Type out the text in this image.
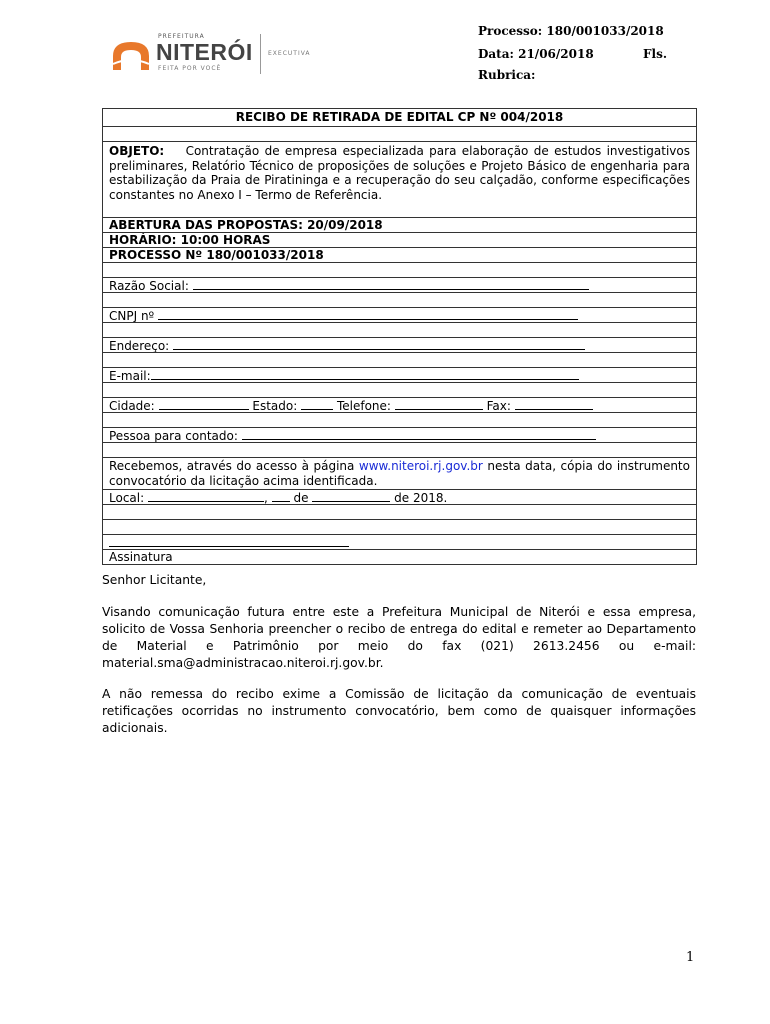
PREFEITURA
NITERÓI
FEITA POR VOCÊ
EXECUTIVA
Processo: 180/001033/2018
Data: 21/06/2018	Fls.
Rubrica:
RECIBO DE RETIRADA DE EDITAL CP Nº 004/2018
OBJETO: Contratação de empresa especializada para elaboração de estudos investigativos preliminares, Relatório Técnico de proposições de soluções e Projeto Básico de engenharia para estabilização da Praia de Piratininga e a recuperação do seu calçadão, conforme especificações constantes no Anexo I – Termo de Referência.
ABERTURA DAS PROPOSTAS: 20/09/2018
HORÁRIO: 10:00 HORAS
PROCESSO Nº 180/001033/2018
Razão Social:
CNPJ nº
Endereço:
E-mail:
Cidade:	Estado:	Telefone:	Fax:
Pessoa para contado:
Recebemos, através do acesso à página www.niteroi.rj.gov.br nesta data, cópia do instrumento convocatório da licitação acima identificada.
Local:	, de	de 2018.
Assinatura
Senhor Licitante,
Visando comunicação futura entre este a Prefeitura Municipal de Niterói e essa empresa, solicito de Vossa Senhoria preencher o recibo de entrega do edital e remeter ao Departamento de Material e Patrimônio por meio do fax (021) 2613.2456 ou e-mail: material.sma@administracao.niteroi.rj.gov.br.
A não remessa do recibo exime a Comissão de licitação da comunicação de eventuais retificações ocorridas no instrumento convocatório, bem como de quaisquer informações adicionais.
1
